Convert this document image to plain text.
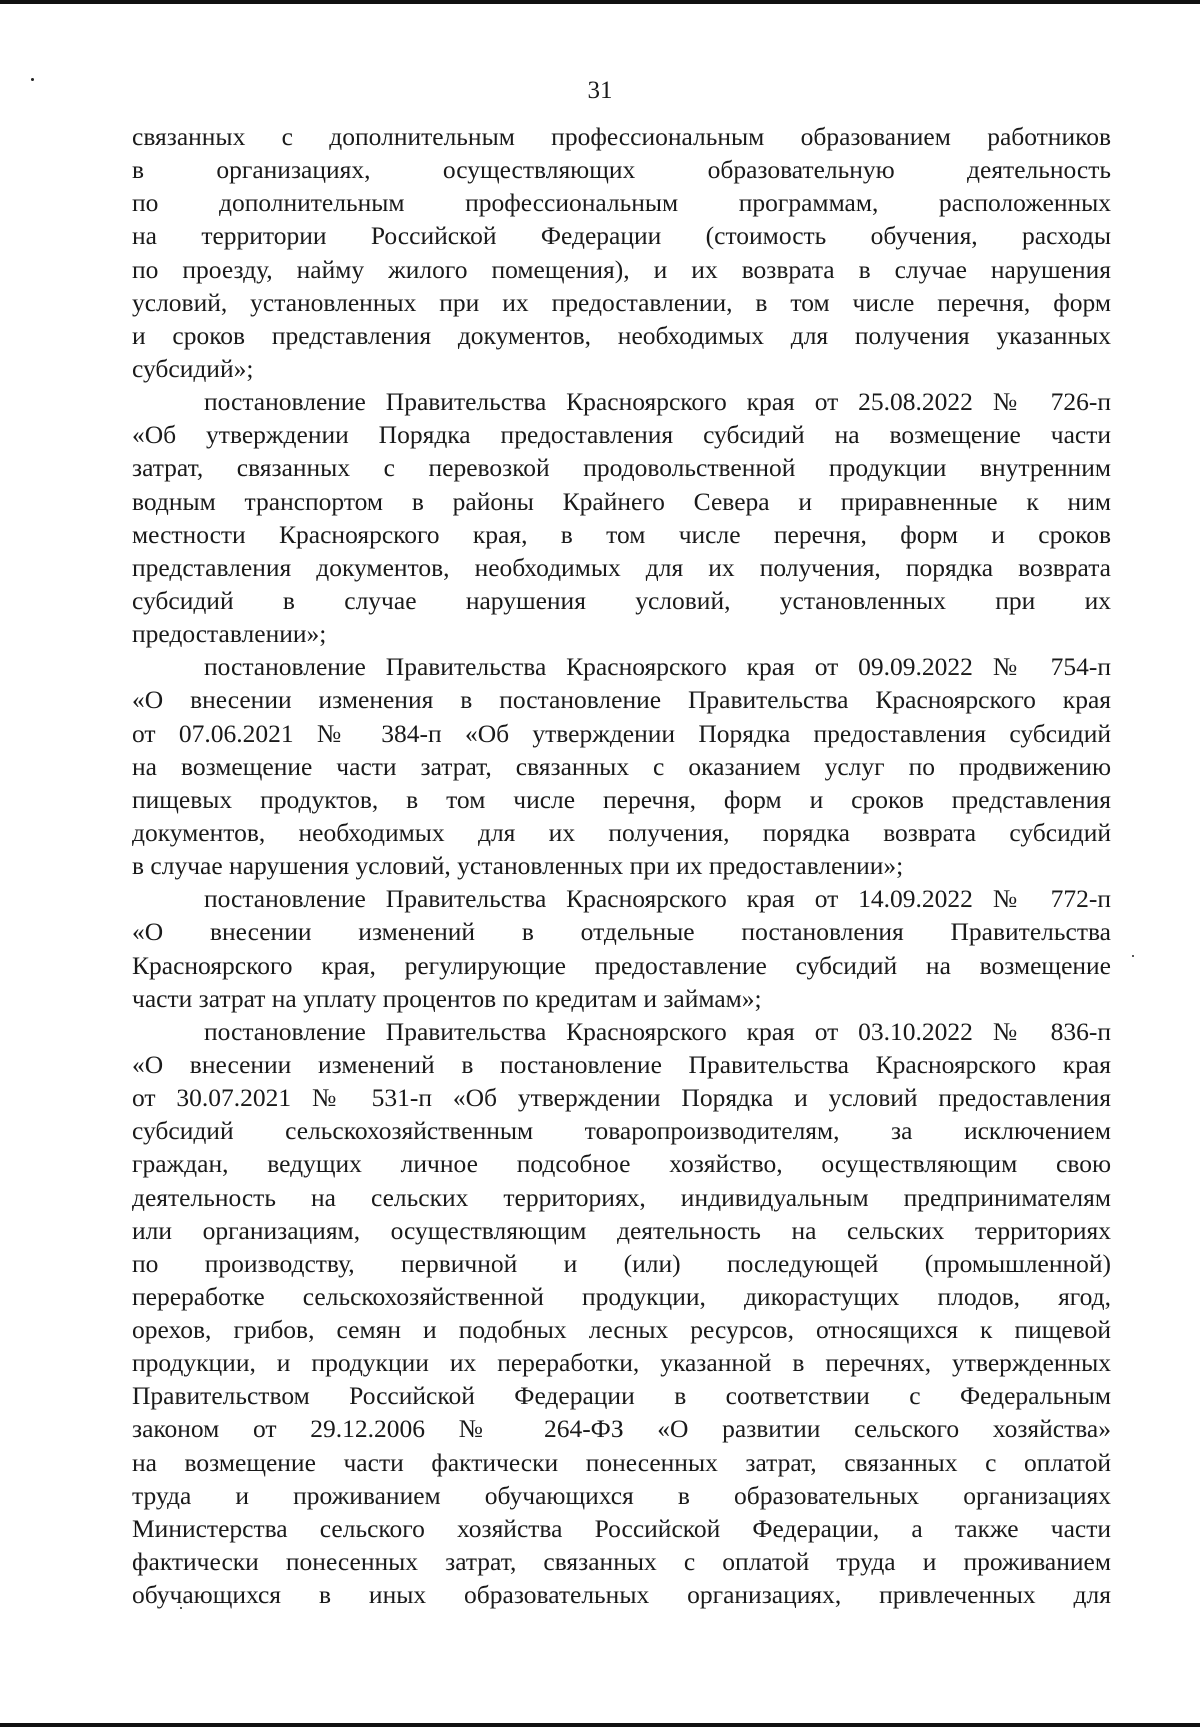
31
связанных с дополнительным профессиональным образованием работников
в организациях, осуществляющих образовательную деятельность
по дополнительным профессиональным программам, расположенных
на территории Российской Федерации (стоимость обучения, расходы
по проезду, найму жилого помещения), и их возврата в случае нарушения
условий, установленных при их предоставлении, в том числе перечня, форм
и сроков представления документов, необходимых для получения указанных
субсидий»;
постановление Правительства Красноярского края от 25.08.2022 № 726-п
«Об утверждении Порядка предоставления субсидий на возмещение части
затрат, связанных с перевозкой продовольственной продукции внутренним
водным транспортом в районы Крайнего Севера и приравненные к ним
местности Красноярского края, в том числе перечня, форм и сроков
представления документов, необходимых для их получения, порядка возврата
субсидий в случае нарушения условий, установленных при их
предоставлении»;
постановление Правительства Красноярского края от 09.09.2022 № 754-п
«О внесении изменения в постановление Правительства Красноярского края
от 07.06.2021 № 384-п «Об утверждении Порядка предоставления субсидий
на возмещение части затрат, связанных с оказанием услуг по продвижению
пищевых продуктов, в том числе перечня, форм и сроков представления
документов, необходимых для их получения, порядка возврата субсидий
в случае нарушения условий, установленных при их предоставлении»;
постановление Правительства Красноярского края от 14.09.2022 № 772-п
«О внесении изменений в отдельные постановления Правительства
Красноярского края, регулирующие предоставление субсидий на возмещение
части затрат на уплату процентов по кредитам и займам»;
постановление Правительства Красноярского края от 03.10.2022 № 836-п
«О внесении изменений в постановление Правительства Красноярского края
от 30.07.2021 № 531-п «Об утверждении Порядка и условий предоставления
субсидий сельскохозяйственным товаропроизводителям, за исключением
граждан, ведущих личное подсобное хозяйство, осуществляющим свою
деятельность на сельских территориях, индивидуальным предпринимателям
или организациям, осуществляющим деятельность на сельских территориях
по производству, первичной и (или) последующей (промышленной)
переработке сельскохозяйственной продукции, дикорастущих плодов, ягод,
орехов, грибов, семян и подобных лесных ресурсов, относящихся к пищевой
продукции, и продукции их переработки, указанной в перечнях, утвержденных
Правительством Российской Федерации в соответствии с Федеральным
законом от 29.12.2006 № 264-ФЗ «О развитии сельского хозяйства»
на возмещение части фактически понесенных затрат, связанных с оплатой
труда и проживанием обучающихся в образовательных организациях
Министерства сельского хозяйства Российской Федерации, а также части
фактически понесенных затрат, связанных с оплатой труда и проживанием
обучающихся в иных образовательных организациях, привлеченных для
